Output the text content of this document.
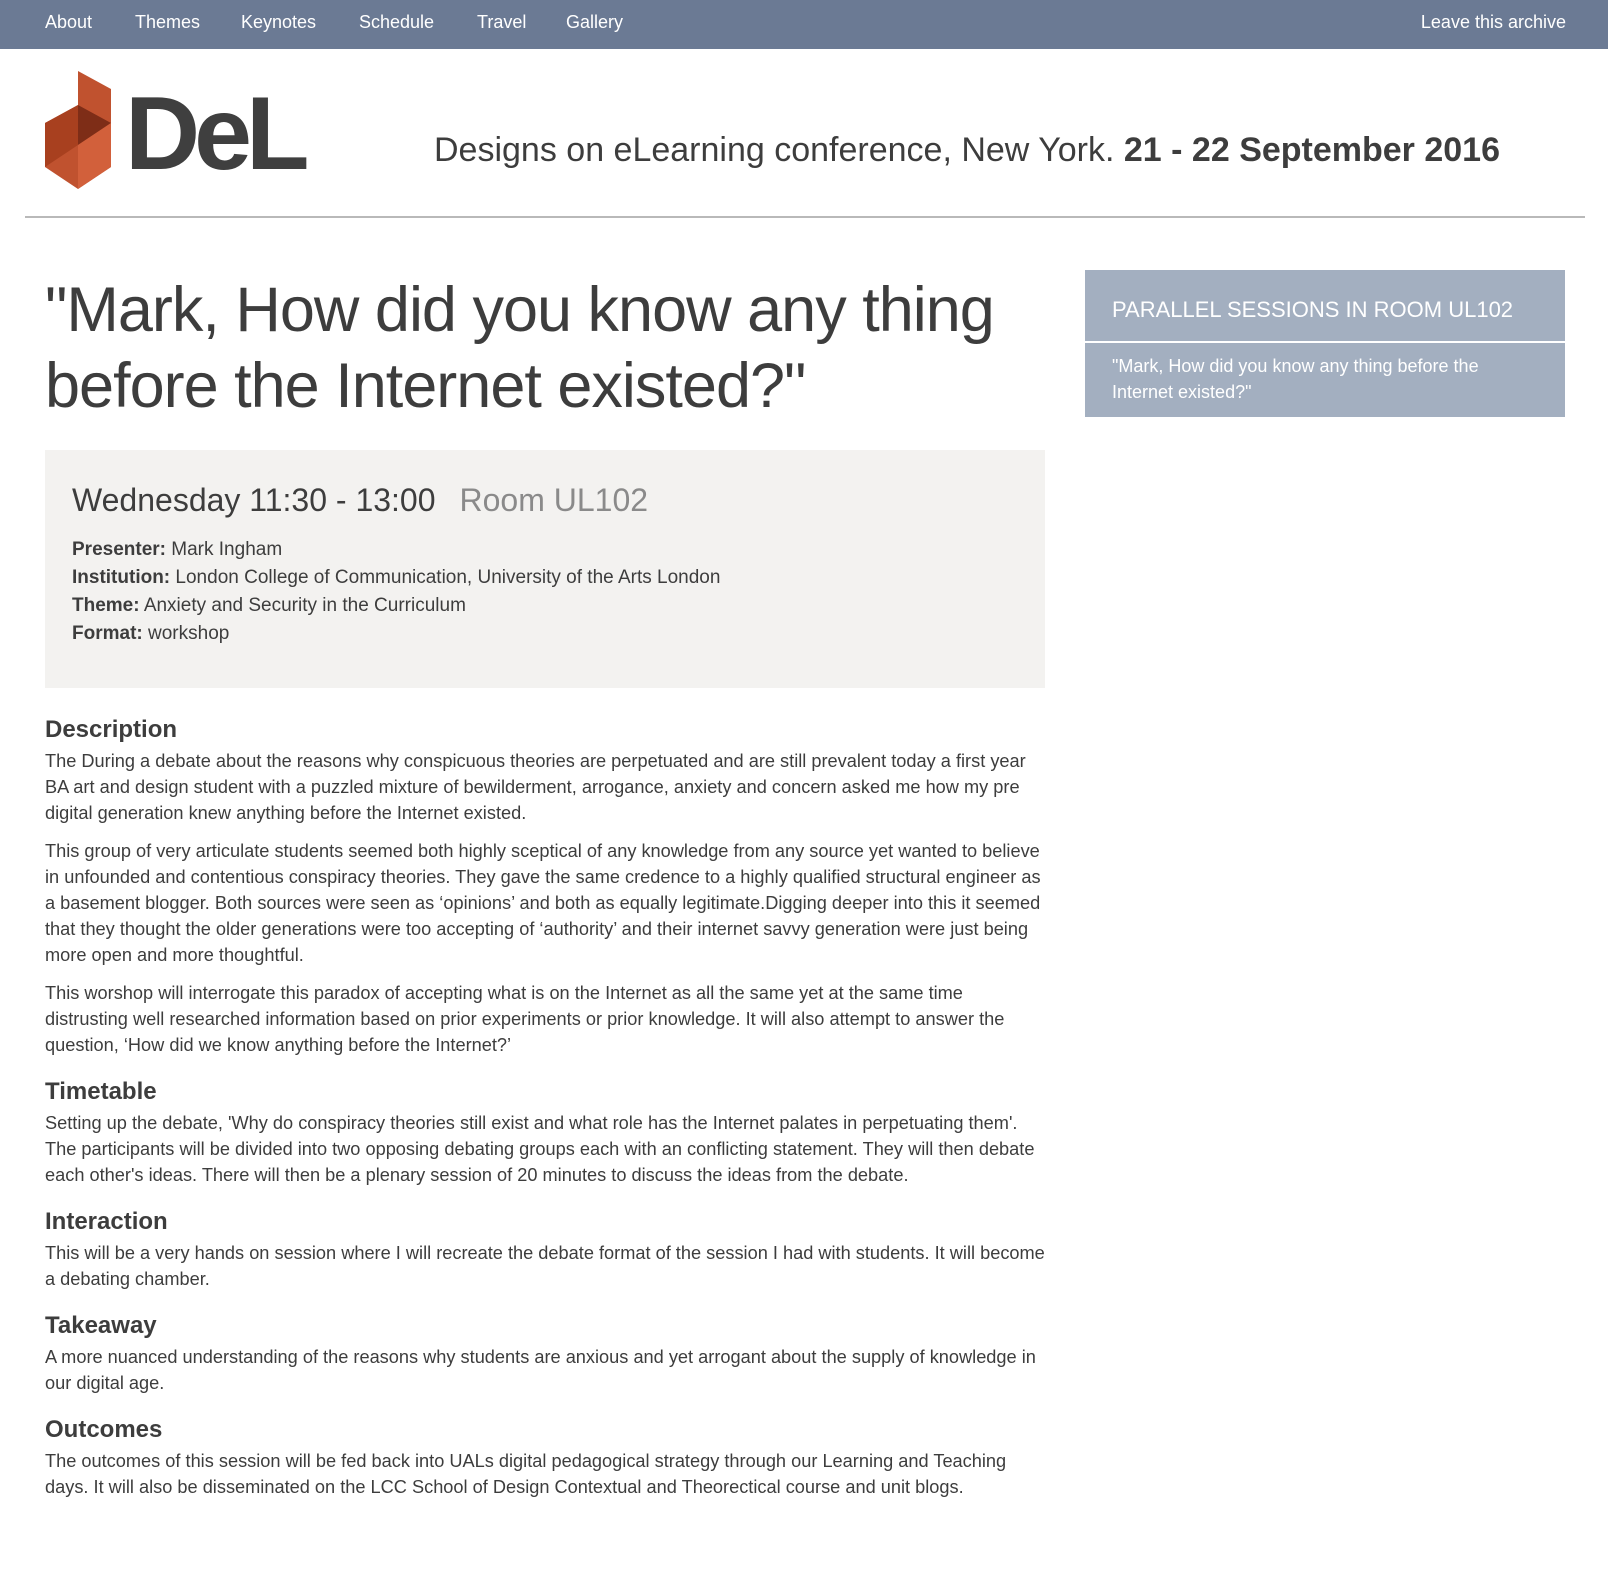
About Themes Keynotes Schedule Travel Gallery	Leave this archive
DeL	Designs on eLearning conference, New York. 21 - 22 September 2016
"Mark, How did you know any thing before the Internet existed?"
Wednesday 11:30 - 13:00 Room UL102
Presenter: Mark Ingham
Institution: London College of Communication, University of the Arts London
Theme: Anxiety and Security in the Curriculum
Format: workshop
Description

The During a debate about the reasons why conspicuous theories are perpetuated and are still prevalent today a first year BA art and design student with a puzzled mixture of bewilderment, arrogance, anxiety and concern asked me how my pre digital generation knew anything before the Internet existed.

This group of very articulate students seemed both highly sceptical of any knowledge from any source yet wanted to believe in unfounded and contentious conspiracy theories. They gave the same credence to a highly qualified structural engineer as a basement blogger. Both sources were seen as ‘opinions’ and both as equally legitimate.Digging deeper into this it seemed that they thought the older generations were too accepting of ‘authority’ and their internet savvy generation were just being more open and more thoughtful.

This worshop will interrogate this paradox of accepting what is on the Internet as all the same yet at the same time distrusting well researched information based on prior experiments or prior knowledge. It will also attempt to answer the question, ‘How did we know anything before the Internet?’

Timetable

Setting up the debate, 'Why do conspiracy theories still exist and what role has the Internet palates in perpetuating them'. The participants will be divided into two opposing debating groups each with an conflicting statement. They will then debate each other's ideas. There will then be a plenary session of 20 minutes to discuss the ideas from the debate.

Interaction

This will be a very hands on session where I will recreate the debate format of the session I had with students. It will become a debating chamber.

Takeaway

A more nuanced understanding of the reasons why students are anxious and yet arrogant about the supply of knowledge in our digital age.

Outcomes

The outcomes of this session will be fed back into UALs digital pedagogical strategy through our Learning and Teaching days. It will also be disseminated on the LCC School of Design Contextual and Theorectical course and unit blogs.

PARALLEL SESSIONS IN ROOM UL102
"Mark, How did you know any thing before the Internet existed?"
